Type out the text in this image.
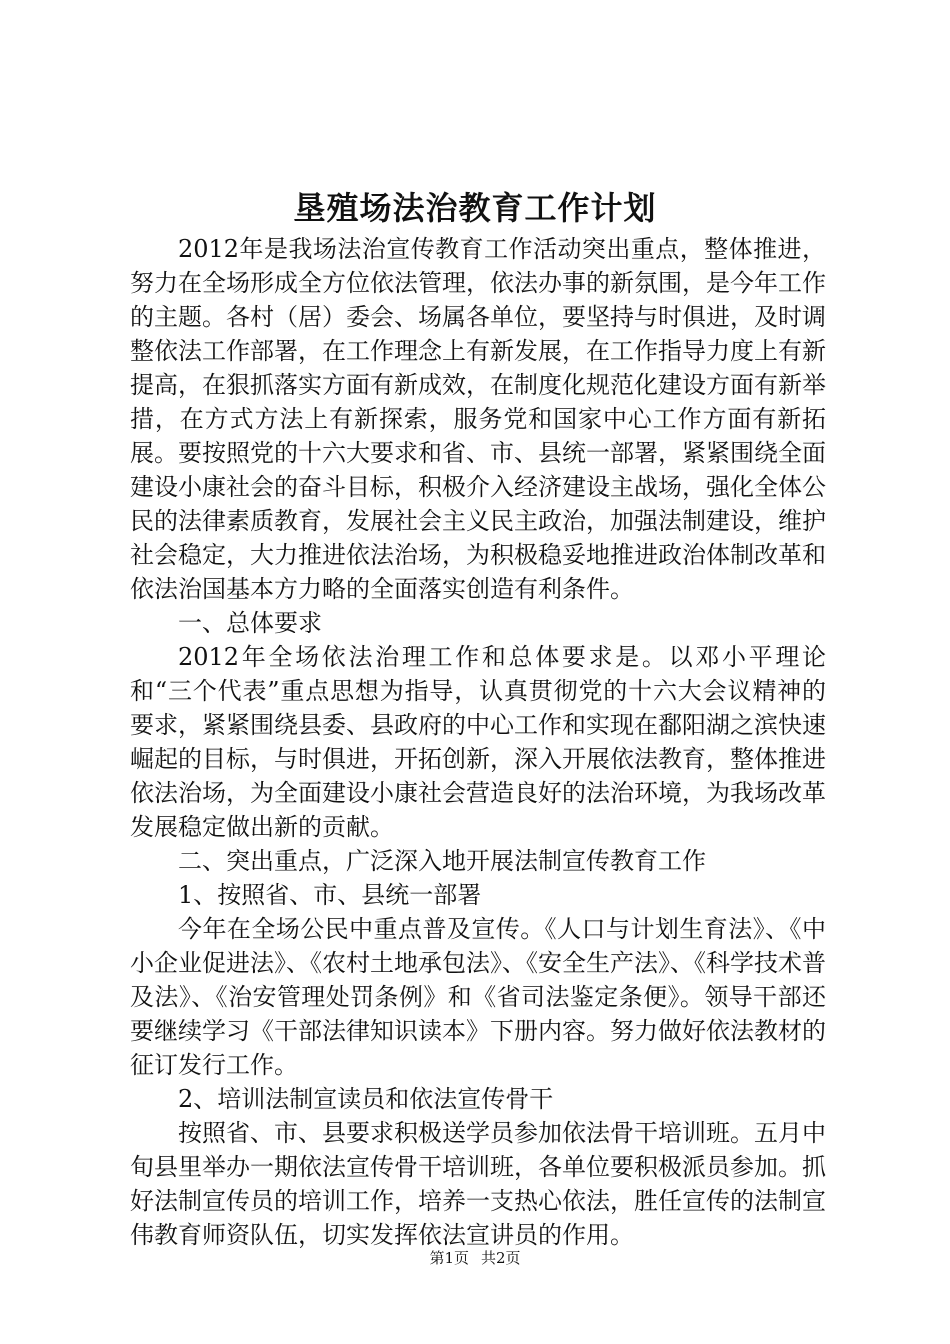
垦殖场法治教育工作计划

2012年是我场法治宣传教育工作活动突出重点，整体推进，努力在全场形成全方位依法管理，依法办事的新氛围，是今年工作的主题。各村（居）委会、场属各单位，要坚持与时俱进，及时调整依法工作部署，在工作理念上有新发展，在工作指导力度上有新提高，在狠抓落实方面有新成效，在制度化规范化建设方面有新举措，在方式方法上有新探索，服务党和国家中心工作方面有新拓展。要按照党的十六大要求和省、市、县统一部署，紧紧围绕全面建设小康社会的奋斗目标，积极介入经济建设主战场，强化全体公民的法律素质教育，发展社会主义民主政治，加强法制建设，维护社会稳定，大力推进依法治场，为积极稳妥地推进政治体制改革和依法治国基本方力略的全面落实创造有利条件。

一、总体要求

2012年全场依法治理工作和总体要求是。以邓小平理论和“三个代表”重点思想为指导，认真贯彻党的十六大会议精神的要求，紧紧围绕县委、县政府的中心工作和实现在鄱阳湖之滨快速崛起的目标，与时俱进，开拓创新，深入开展依法教育，整体推进依法治场，为全面建设小康社会营造良好的法治环境，为我场改革发展稳定做出新的贡献。

二、突出重点，广泛深入地开展法制宣传教育工作

1、按照省、市、县统一部署

今年在全场公民中重点普及宣传。《人口与计划生育法》、《中小企业促进法》、《农村土地承包法》、《安全生产法》、《科学技术普及法》、《治安管理处罚条例》和《省司法鉴定条便》。领导干部还要继续学习《干部法律知识读本》下册内容。努力做好依法教材的征订发行工作。

2、培训法制宣读员和依法宣传骨干

按照省、市、县要求积极送学员参加依法骨干培训班。五月中旬县里举办一期依法宣传骨干培训班，各单位要积极派员参加。抓好法制宣传员的培训工作，培养一支热心依法，胜任宣传的法制宣伟教育师资队伍，切实发挥依法宣讲员的作用。

第1页 共2页
